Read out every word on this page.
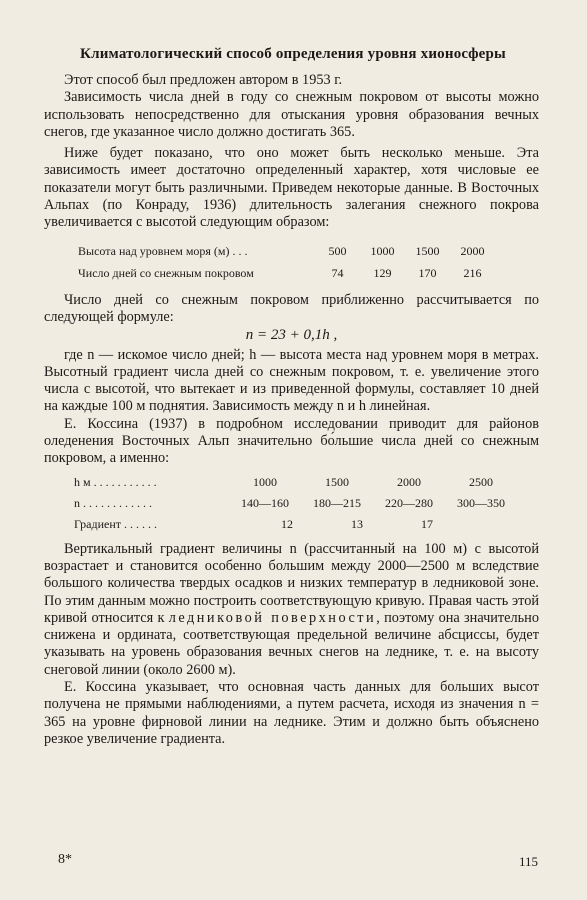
Климатологический способ определения уровня хионосферы

Этот способ был предложен автором в 1953 г.

Зависимость числа дней в году со снежным покровом от высоты можно использовать непосредственно для отыскания уровня образования вечных снегов, где указанное число должно достигать 365.

Ниже будет показано, что оно может быть несколько меньше. Эта зависимость имеет достаточно определенный характер, хотя числовые ее показатели могут быть различными. Приведем некоторые данные. В Восточных Альпах (по Конраду, 1936) длительность залегания снежного покрова увеличивается с высотой следующим образом:

Высота над уровнем моря (м) . . .	500	1000	1500	2000
Число дней со снежным покровом	74	129	170	216

Число дней со снежным покровом приближенно рассчитывается по следующей формуле:

n = 23 + 0,1h ,

где n — искомое число дней; h — высота места над уровнем моря в метрах. Высотный градиент числа дней со снежным покровом, т. е. увеличение этого числа с высотой, что вытекает и из приведенной формулы, составляет 10 дней на каждые 100 м поднятия. Зависимость между n и h линейная.

Е. Коссина (1937) в подробном исследовании приводит для районов оледенения Восточных Альп значительно бо́льшие числа дней со снежным покровом, а именно:

h м . . . . . . . . . . .	1000	1500	2000	2500
n . . . . . . . . . . . .	140—160	180—215	220—280	300—350
Градиент . . . . . .	12	13	17

Вертикальный градиент величины n (рассчитанный на 100 м) с высотой возрастает и становится особенно большим между 2000—2500 м вследствие большого количества твердых осадков и низких температур в ледниковой зоне. По этим данным можно построить соответствующую кривую. Правая часть этой кривой относится к ледниковой поверхности, поэтому она значительно снижена и ордината, соответствующая предельной величине абсциссы, будет указывать на уровень образования вечных снегов на леднике, т. е. на высоту снеговой линии (около 2600 м).

Е. Коссина указывает, что основная часть данных для больших высот получена не прямыми наблюдениями, а путем расчета, исходя из значения n = 365 на уровне фирновой линии на леднике. Этим и должно быть объяснено резкое увеличение градиента.

8*	115
